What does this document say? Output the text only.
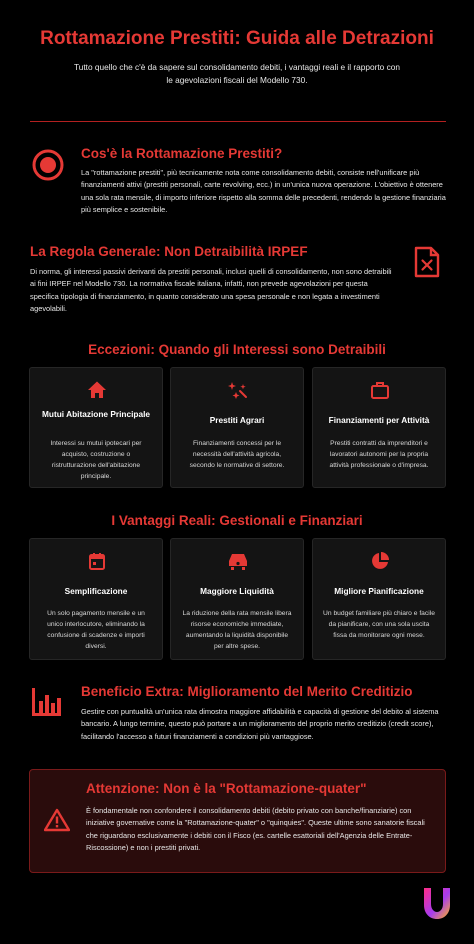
Rottamazione Prestiti: Guida alle Detrazioni

Tutto quello che c'è da sapere sul consolidamento debiti, i vantaggi reali e il rapporto con le agevolazioni fiscali del Modello 730.

Cos'è la Rottamazione Prestiti?
La "rottamazione prestiti", più tecnicamente nota come consolidamento debiti, consiste nell'unificare più finanziamenti attivi (prestiti personali, carte revolving, ecc.) in un'unica nuova operazione. L'obiettivo è ottenere una sola rata mensile, di importo inferiore rispetto alla somma delle precedenti, rendendo la gestione finanziaria più semplice e sostenibile.
La Regola Generale: Non Detraibilità IRPEF
Di norma, gli interessi passivi derivanti da prestiti personali, inclusi quelli di consolidamento, non sono detraibili ai fini IRPEF nel Modello 730. La normativa fiscale italiana, infatti, non prevede agevolazioni per questa specifica tipologia di finanziamento, in quanto considerato una spesa personale e non legata a investimenti agevolabili.
Eccezioni: Quando gli Interessi sono Detraibili
Mutui Abitazione Principale
Interessi su mutui ipotecari per acquisto, costruzione o ristrutturazione dell'abitazione principale.
Prestiti Agrari
Finanziamenti concessi per le necessità dell'attività agricola, secondo le normative di settore.
Finanziamenti per Attività
Prestiti contratti da imprenditori e lavoratori autonomi per la propria attività professionale o d'impresa.
I Vantaggi Reali: Gestionali e Finanziari
Semplificazione
Un solo pagamento mensile e un unico interlocutore, eliminando la confusione di scadenze e importi diversi.
Maggiore Liquidità
La riduzione della rata mensile libera risorse economiche immediate, aumentando la liquidità disponibile per altre spese.
Migliore Pianificazione
Un budget familiare più chiaro e facile da pianificare, con una sola uscita fissa da monitorare ogni mese.
Beneficio Extra: Miglioramento del Merito Creditizio
Gestire con puntualità un'unica rata dimostra maggiore affidabilità e capacità di gestione del debito al sistema bancario. A lungo termine, questo può portare a un miglioramento del proprio merito creditizio (credit score), facilitando l'accesso a futuri finanziamenti a condizioni più vantaggiose.
Attenzione: Non è la "Rottamazione-quater"
È fondamentale non confondere il consolidamento debiti (debito privato con banche/finanziarie) con iniziative governative come la "Rottamazione-quater" o "quinquies". Queste ultime sono sanatorie fiscali che riguardano esclusivamente i debiti con il Fisco (es. cartelle esattoriali dell'Agenzia delle Entrate-Riscossione) e non i prestiti privati.
